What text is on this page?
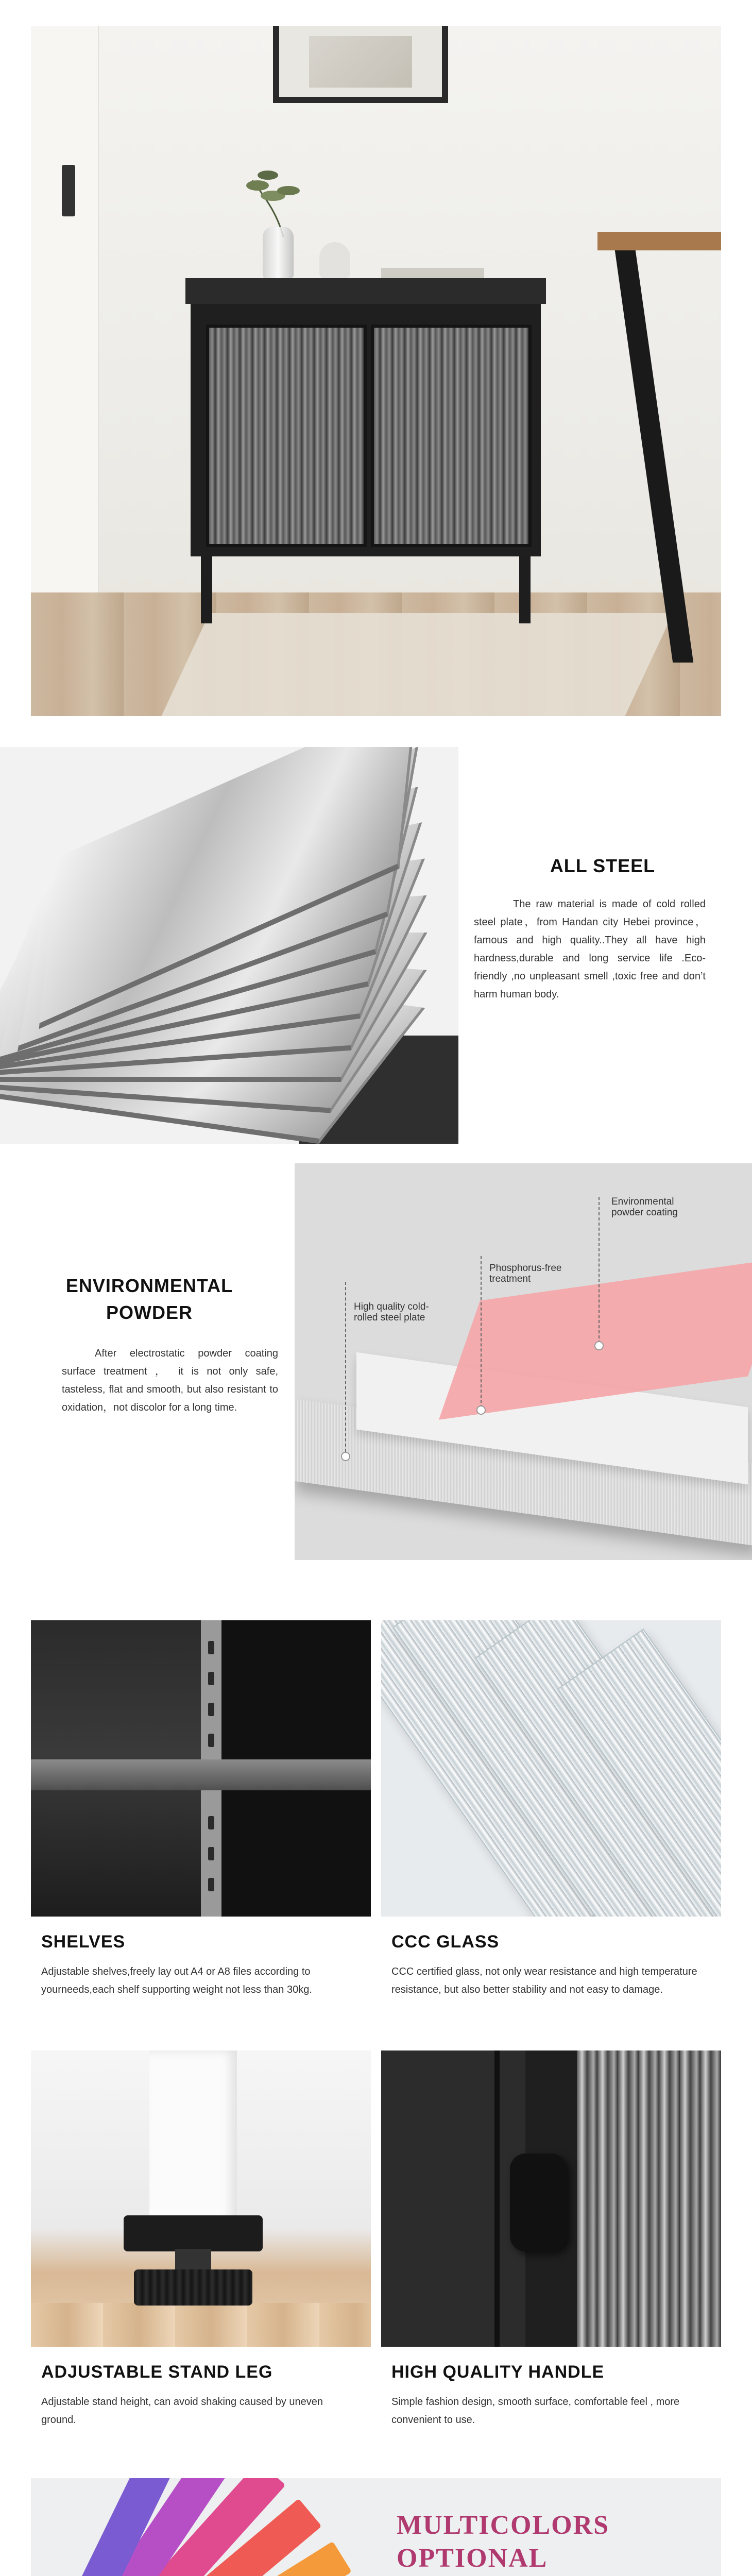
ALL STEEL
The raw material is made of cold rolled steel plate，from Handan city Hebei province，famous and high quality..They all have high hardness,durable and long service life .Eco-friendly ,no unpleasant smell ,toxic free and don’t harm human body.
ENVIRONMENTAL
POWDER
After electrostatic powder coating surface treatment ， it is not only safe, tasteless, flat and smooth, but also resistant to oxidation，not discolor for a long time.
High quality cold-
rolled steel plate
Phosphorus-free
treatment
Environmental
powder coating
SHELVES
Adjustable shelves,freely lay out A4 or A8 files according to yourneeds,each shelf supporting weight not less than 30kg.
CCC GLASS
CCC certified glass, not only wear resistance and high temperature resistance, but also better stability and not easy to damage.
ADJUSTABLE STAND LEG
Adjustable stand height, can avoid shaking caused by uneven ground.
HIGH QUALITY HANDLE
Simple fashion design, smooth surface, comfortable feel , more convenient to use.
MULTICOLORS
OPTIONAL
